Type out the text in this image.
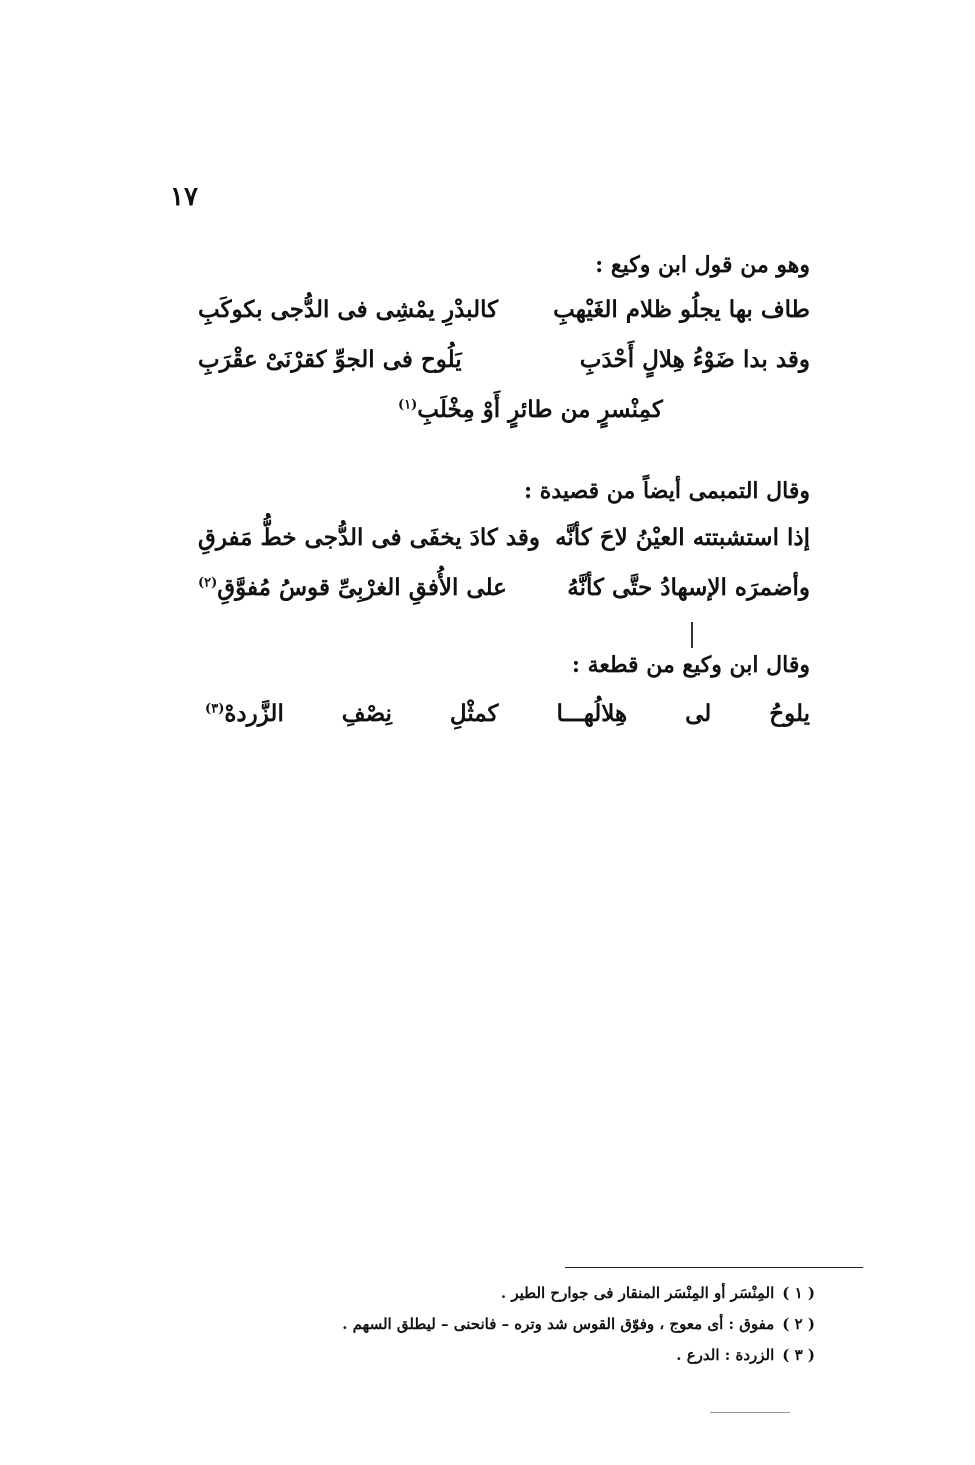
١٧
وهو من قول ابن وكيع :
طاف بها يجلُو ظلام الغَيْهبِ
كالبدْرِ يمْشِى فى الدُّجى بكوكَبِ
وقد بدا ضَوْءُ هِلالٍ أَحْدَبِ
يَلُوح فى الجوِّ كقرْنَىْ عقْرَبِ
كمِنْسرٍ من طائرٍ أَوْ مِخْلَبِ$^{(١)}$
وقال التمبمى أيضاً من قصيدة :
إذا استشبتته العيْنُ لاحَ كأنَّه
وقد كادَ يخفَى فى الدُّجى خطُّ مَفرقِ
وأضمرَه الإسهادُ حتَّى كأنَّهُ
على الأُفقِ الغرْبِىِّ قوسُ مُفوَّقِ$^{(٢)}$
وقال ابن وكيع من قطعة :
يلوحُ
لى
هِلالُهـــا
كمثْلِ
نِصْفِ
الزَّردهْ$^{(٣)}$
( ١ )المِنْسَر أو المِنْسَر المنقار فى جوارح الطير .
( ٢ )مفوق : أى معوج ، وفوّق القوس شد وتره – فانحنى – ليطلق السهم .
( ٣ )الزردة : الدرع .
